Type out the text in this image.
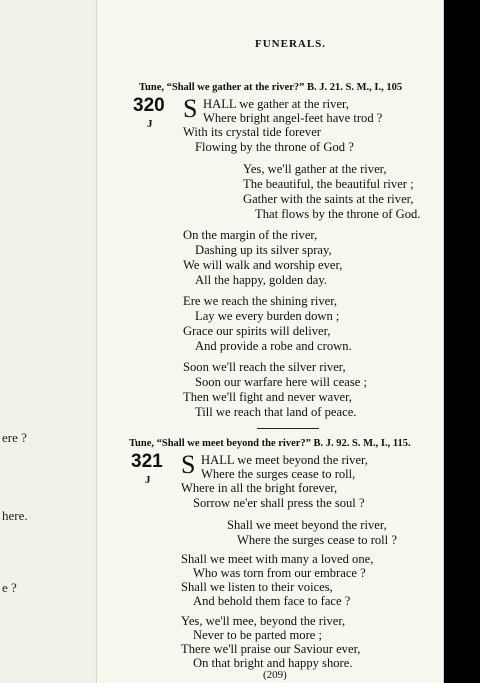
ere ?
here.
e ?
FUNERALS.
Tune, “Shall we gather at the river?” B. J. 21. S. M., I., 105
320
J
S HALL we gather at the river,
Where bright angel-feet have trod ?
With its crystal tide forever
Flowing by the throne of God ?
Yes, we'll gather at the river,
The beautiful, the beautiful river ;
Gather with the saints at the river,
That flows by the throne of God.
On the margin of the river,
Dashing up its silver spray,
We will walk and worship ever,
All the happy, golden day.
Ere we reach the shining river,
Lay we every burden down ;
Grace our spirits will deliver,
And provide a robe and crown.
Soon we'll reach the silver river,
Soon our warfare here will cease ;
Then we'll fight and never waver,
Till we reach that land of peace.
Tune, “Shall we meet beyond the river?” B. J. 92. S. M., I., 115.
321
J
S HALL we meet beyond the river,
Where the surges cease to roll,
Where in all the bright forever,
Sorrow ne'er shall press the soul ?
Shall we meet beyond the river,
Where the surges cease to roll ?
Shall we meet with many a loved one,
Who was torn from our embrace ?
Shall we listen to their voices,
And behold them face to face ?
Yes, we'll mee, beyond the river,
Never to be parted more ;
There we'll praise our Saviour ever,
On that bright and happy shore.
(209)
